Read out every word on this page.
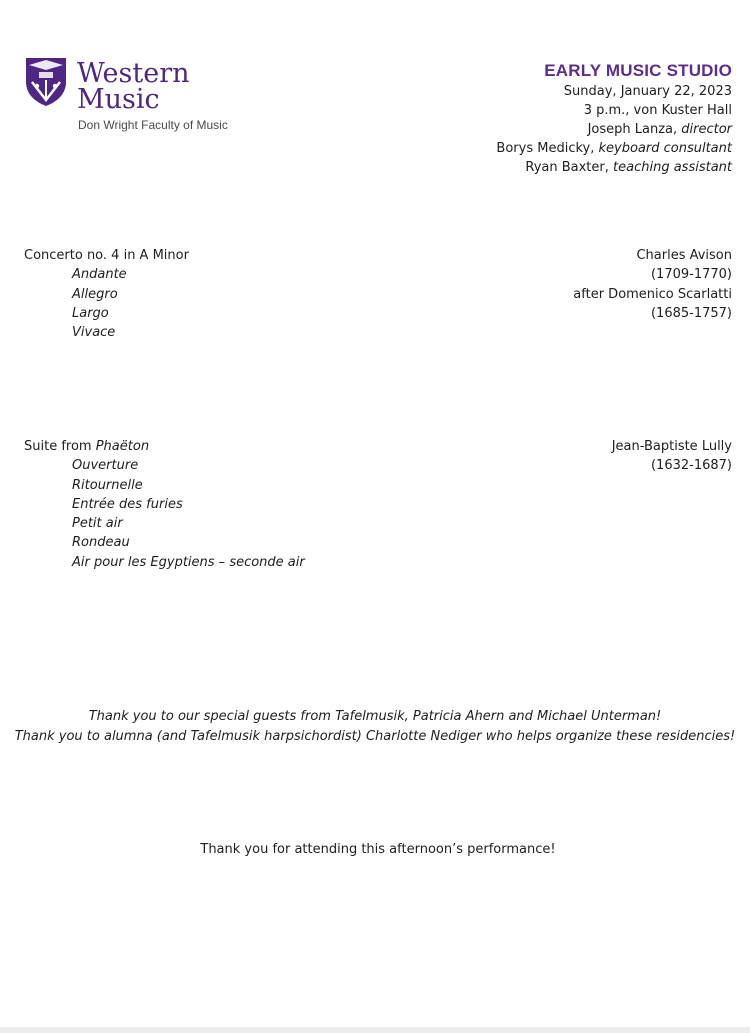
Western
Music
Don Wright Faculty of Music
EARLY MUSIC STUDIO
Sunday, January 22, 2023
3 p.m., von Kuster Hall
Joseph Lanza, director
Borys Medicky, keyboard consultant
Ryan Baxter, teaching assistant
Concerto no. 4 in A Minor
Andante
Allegro
Largo
Vivace
Charles Avison
(1709-1770)
after Domenico Scarlatti
(1685-1757)
Suite from Phaëton
Ouverture
Ritournelle
Entrée des furies
Petit air
Rondeau
Air pour les Egyptiens – seconde air
Jean-Baptiste Lully
(1632-1687)
Thank you to our special guests from Tafelmusik, Patricia Ahern and Michael Unterman!
Thank you to alumna (and Tafelmusik harpsichordist) Charlotte Nediger who helps organize these residencies!
Thank you for attending this afternoon’s performance!
